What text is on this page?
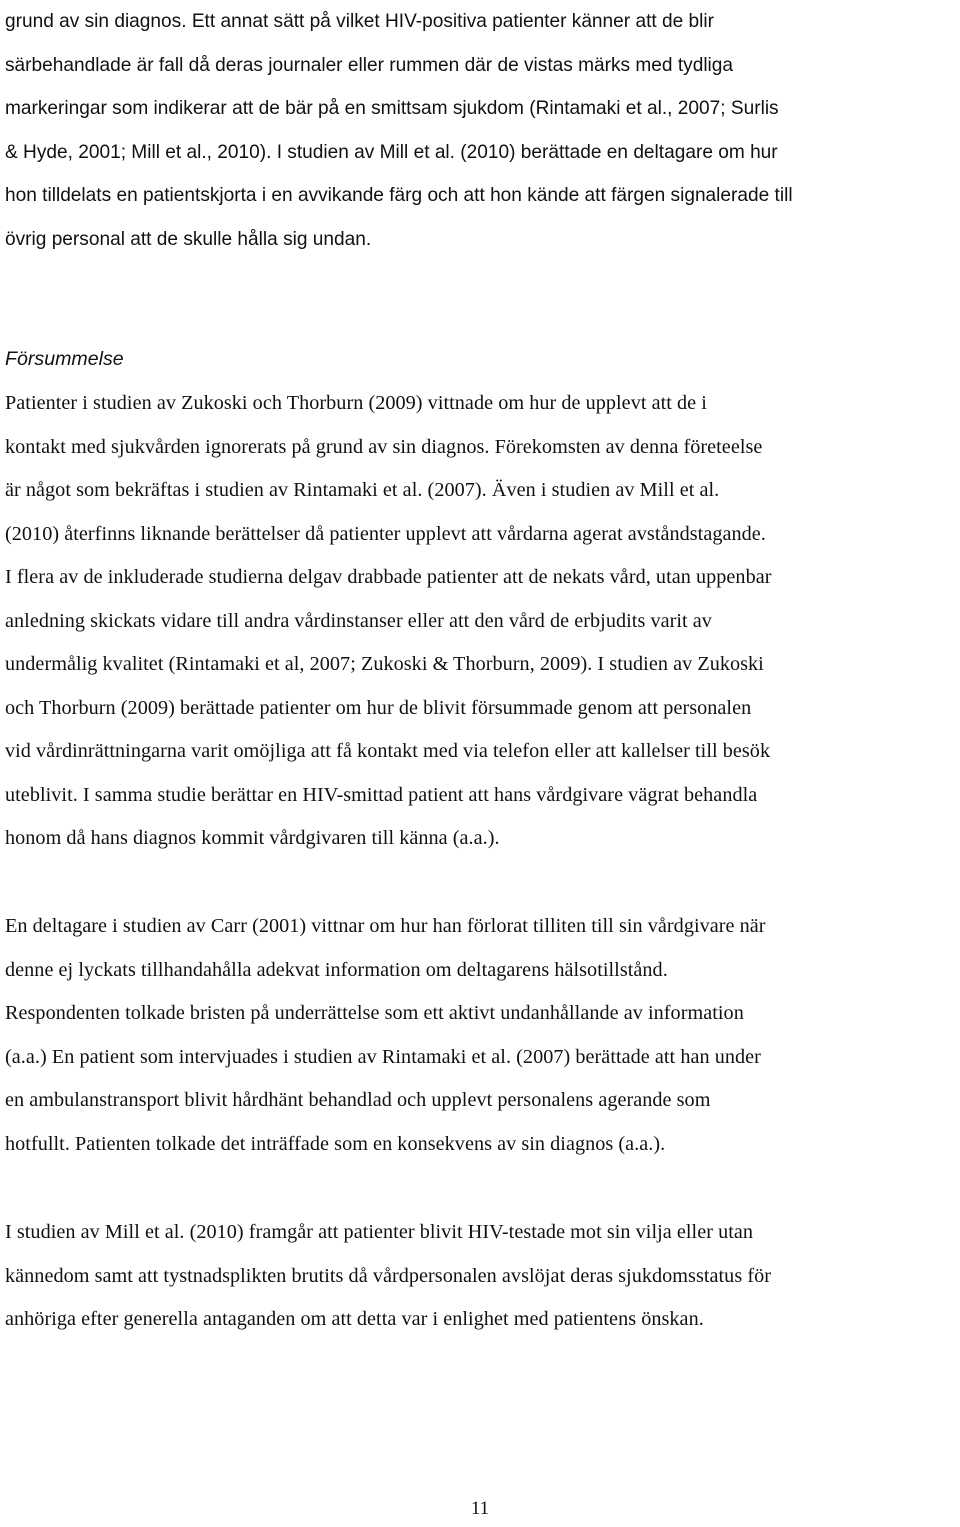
grund av sin diagnos. Ett annat sätt på vilket HIV-positiva patienter känner att de blir
särbehandlade är fall då deras journaler eller rummen där de vistas märks med tydliga
markeringar som indikerar att de bär på en smittsam sjukdom (Rintamaki et al., 2007; Surlis
& Hyde, 2001; Mill et al., 2010). I studien av Mill et al. (2010) berättade en deltagare om hur
hon tilldelats en patientskjorta i en avvikande färg och att hon kände att färgen signalerade till
övrig personal att de skulle hålla sig undan.
Försummelse
Patienter i studien av Zukoski och Thorburn (2009) vittnade om hur de upplevt att de i
kontakt med sjukvården ignorerats på grund av sin diagnos. Förekomsten av denna företeelse
är något som bekräftas i studien av Rintamaki et al. (2007). Även i studien av Mill et al.
(2010) återfinns liknande berättelser då patienter upplevt att vårdarna agerat avståndstagande.
I flera av de inkluderade studierna delgav drabbade patienter att de nekats vård, utan uppenbar
anledning skickats vidare till andra vårdinstanser eller att den vård de erbjudits varit av
undermålig kvalitet (Rintamaki et al, 2007; Zukoski & Thorburn, 2009). I studien av Zukoski
och Thorburn (2009) berättade patienter om hur de blivit försummade genom att personalen
vid vårdinrättningarna varit omöjliga att få kontakt med via telefon eller att kallelser till besök
uteblivit. I samma studie berättar en HIV-smittad patient att hans vårdgivare vägrat behandla
honom då hans diagnos kommit vårdgivaren till känna (a.a.).
En deltagare i studien av Carr (2001) vittnar om hur han förlorat tilliten till sin vårdgivare när
denne ej lyckats tillhandahålla adekvat information om deltagarens hälsotillstånd.
Respondenten tolkade bristen på underrättelse som ett aktivt undanhållande av information
(a.a.) En patient som intervjuades i studien av Rintamaki et al. (2007) berättade att han under
en ambulanstransport blivit hårdhänt behandlad och upplevt personalens agerande som
hotfullt. Patienten tolkade det inträffade som en konsekvens av sin diagnos (a.a.).
I studien av Mill et al. (2010) framgår att patienter blivit HIV-testade mot sin vilja eller utan
kännedom samt att tystnadsplikten brutits då vårdpersonalen avslöjat deras sjukdomsstatus för
anhöriga efter generella antaganden om att detta var i enlighet med patientens önskan.
11
